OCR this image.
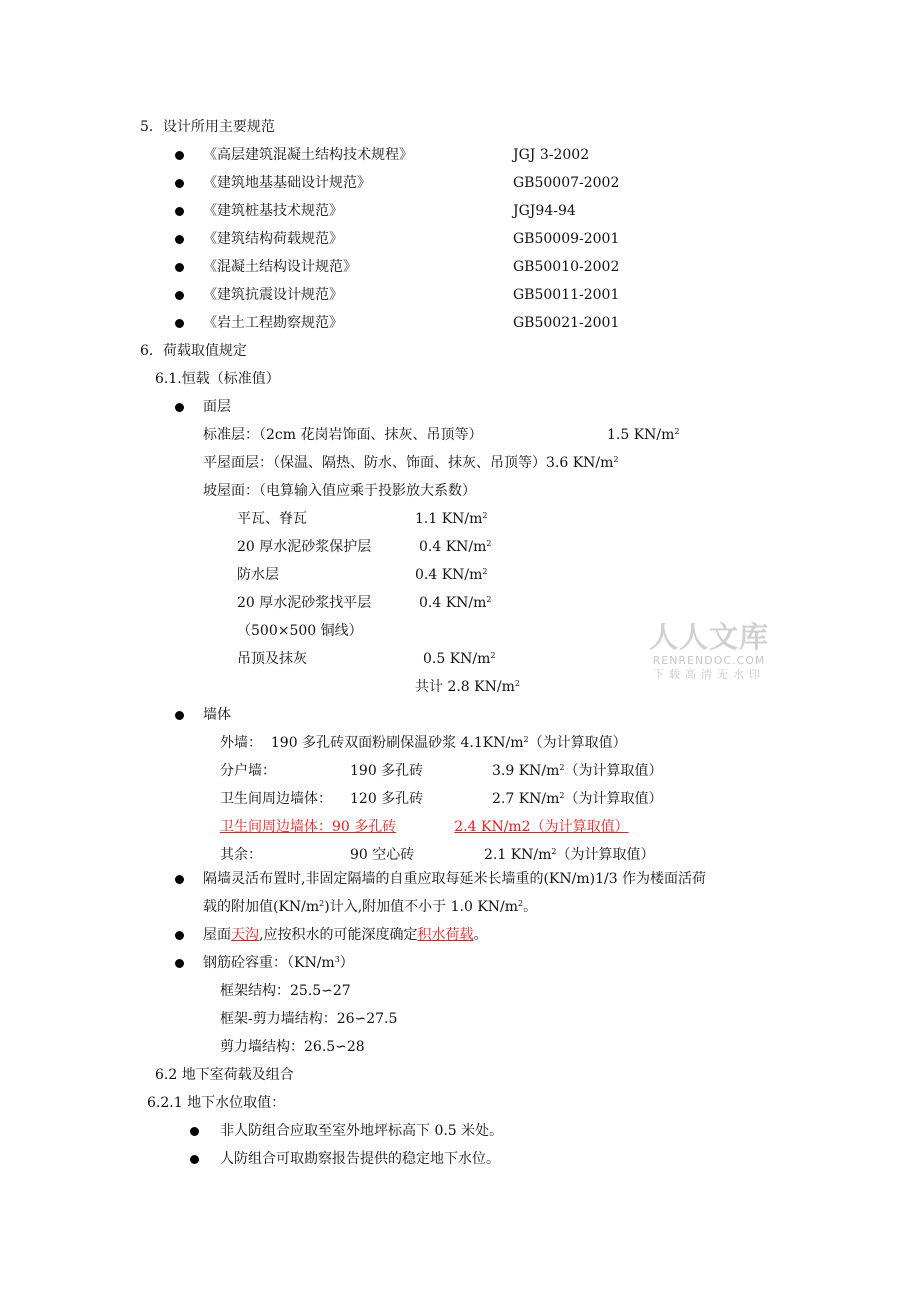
5．设计所用主要规范
《高层建筑混凝土结构技术规程》	JGJ 3-2002
《建筑地基基础设计规范》	GB50007-2002
《建筑桩基技术规范》	JGJ94-94
《建筑结构荷载规范》	GB50009-2001
《混凝土结构设计规范》	GB50010-2002
《建筑抗震设计规范》	GB50011-2001
《岩土工程勘察规范》	GB50021-2001
6．荷载取值规定
6.1.恒载（标准值）
面层
标准层：（2cm 花岗岩饰面、抹灰、吊顶等）	1.5 $KN/m^2$
平屋面层：（保温、隔热、防水、饰面、抹灰、吊顶等）3.6 $KN/m^2$
坡屋面：（电算输入值应乘于投影放大系数）
平瓦、脊瓦	1.1 $KN/m^2$
20 厚水泥砂浆保护层	0.4 $KN/m^2$
防水层	0.4 $KN/m^2$
20 厚水泥砂浆找平层	0.4 $KN/m^2$
（500×500 铜线）
吊顶及抹灰	0.5 $KN/m^2$
共计 2.8 $KN/m^2$
墙体
外墙：  190 多孔砖双面粉刷保温砂浆 $4.1KN/m^2$（为计算取值）
分户墙：	190 多孔砖	3.9 $KN/m^2$（为计算取值）
卫生间周边墙体： 120 多孔砖	2.7 $KN/m^2$（为计算取值）
卫生间周边墙体：90 多孔砖	2.4 KN/m2（为计算取值）
其余：	90 空心砖	2.1 $KN/m^2$（为计算取值）
隔墙灵活布置时,非固定隔墙的自重应取每延米长墙重的(KN/m)1/3 作为楼面活荷
载的附加值$(KN/m^2)$计入,附加值不小于 1.0 $KN/m^2$。
屋面天沟,应按积水的可能深度确定积水荷载。
钢筋砼容重：$(KN/m^3)$
框架结构：25.5∽27
框架-剪力墙结构：26∽27.5
剪力墙结构：26.5∽28
6.2 地下室荷载及组合
6.2.1 地下水位取值：
非人防组合应取至室外地坪标高下 0.5 米处。
人防组合可取勘察报告提供的稳定地下水位。
人人文库
RENRENDOC.COM
下载高清无水印
